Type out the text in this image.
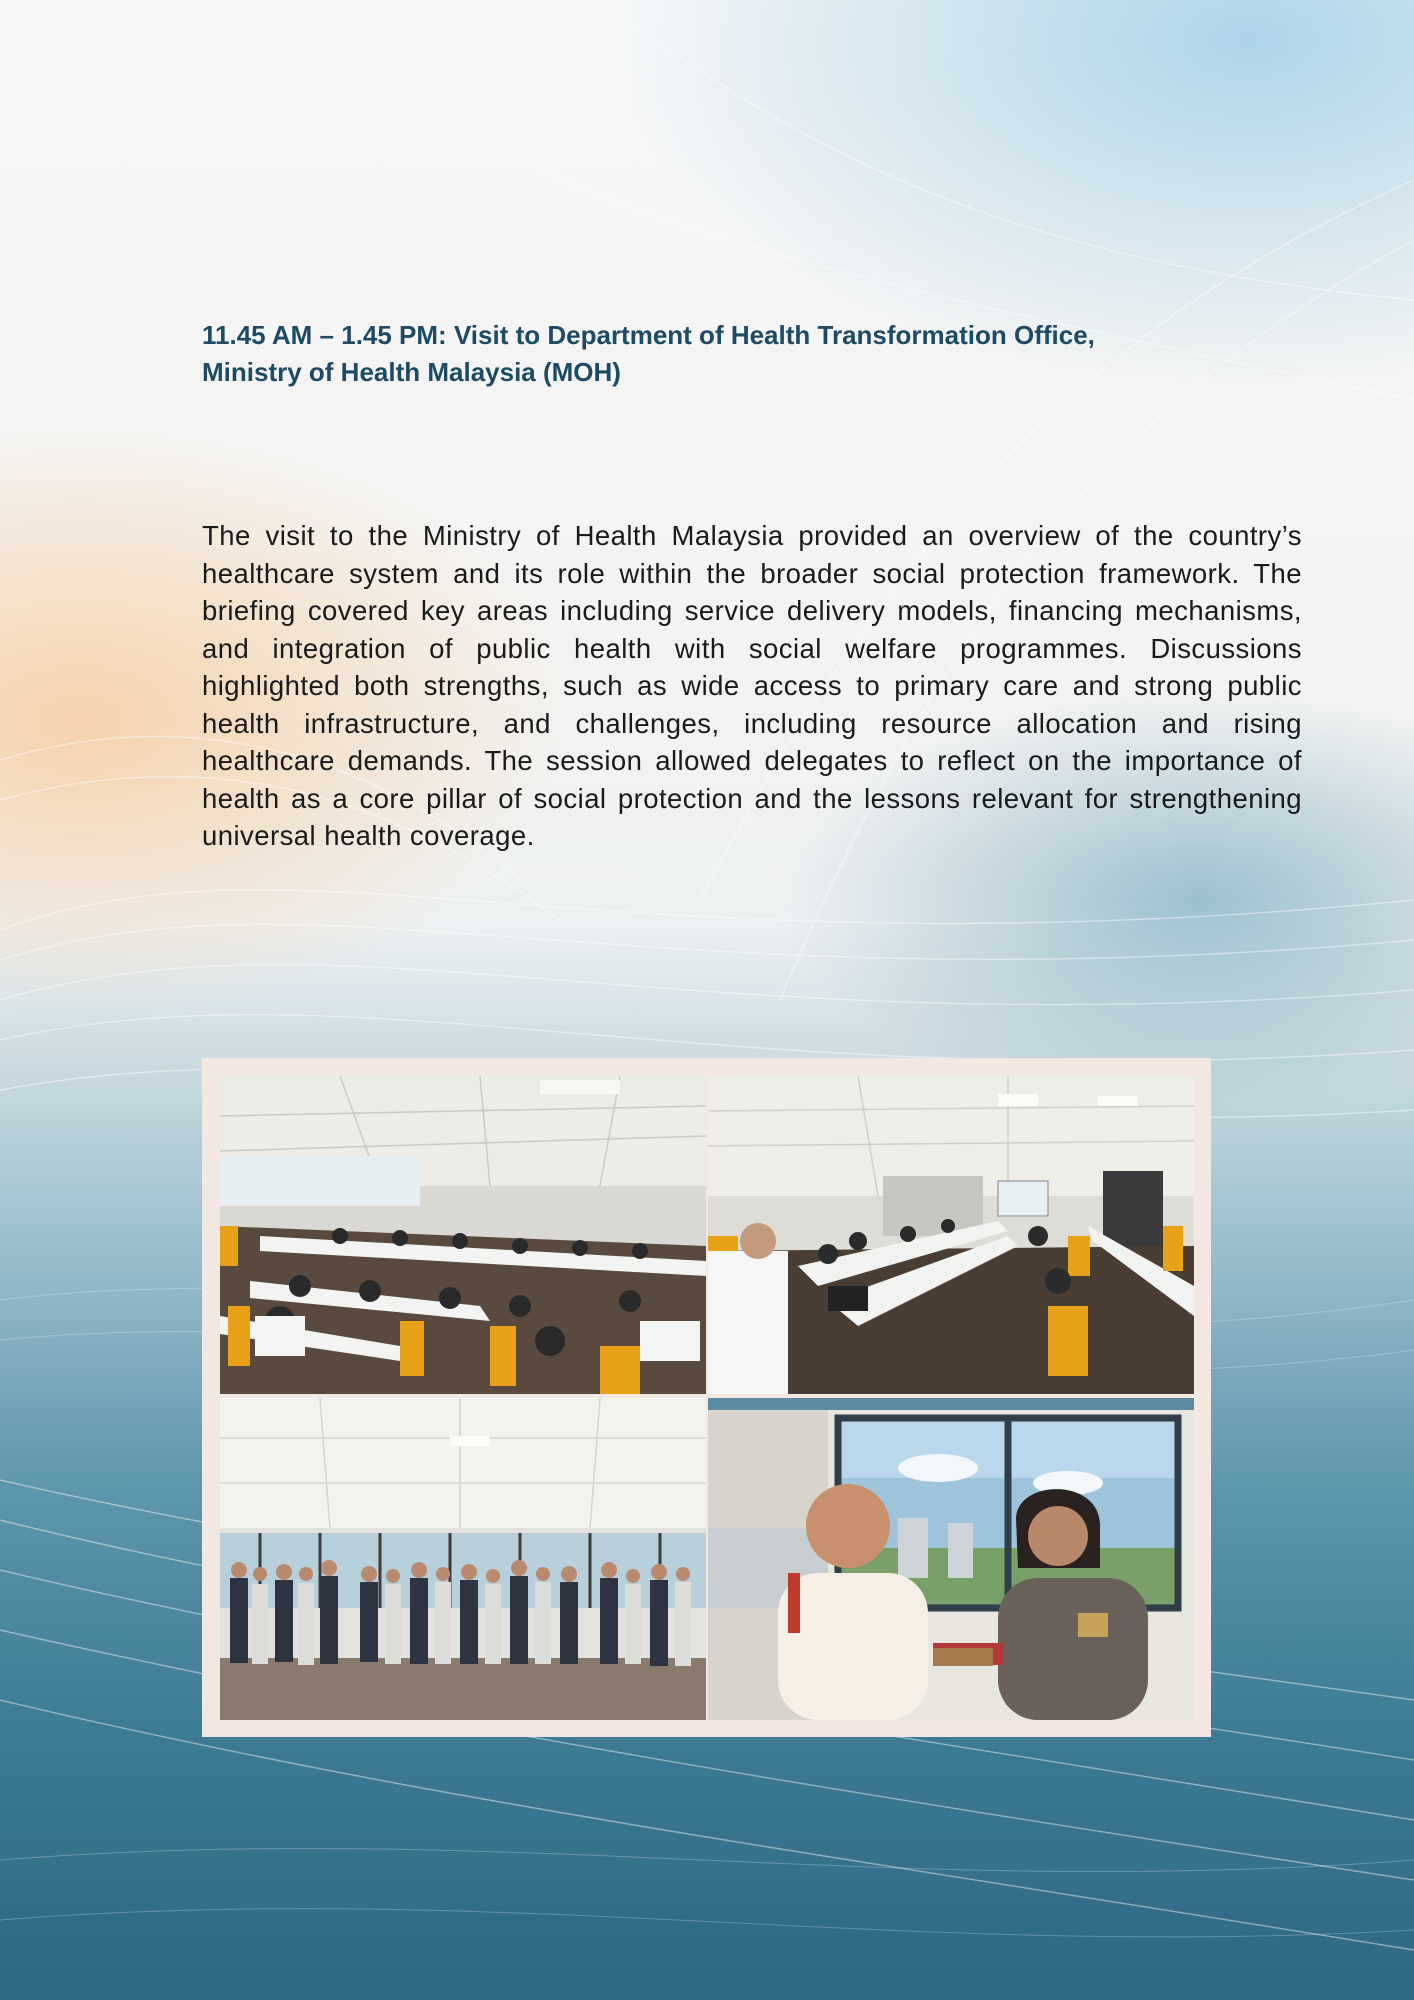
11.45 AM – 1.45 PM: Visit to Department of Health Transformation Office,
Ministry of Health Malaysia (MOH)

The visit to the Ministry of Health Malaysia provided an overview of the country’s healthcare system and its role within the broader social protection framework. The briefing covered key areas including service delivery models, financing mechanisms, and integration of public health with social welfare programmes. Discussions highlighted both strengths, such as wide access to primary care and strong public health infrastructure, and challenges, including resource allocation and rising healthcare demands. The session allowed delegates to reflect on the importance of health as a core pillar of social protection and the lessons relevant for strengthening universal health coverage.
